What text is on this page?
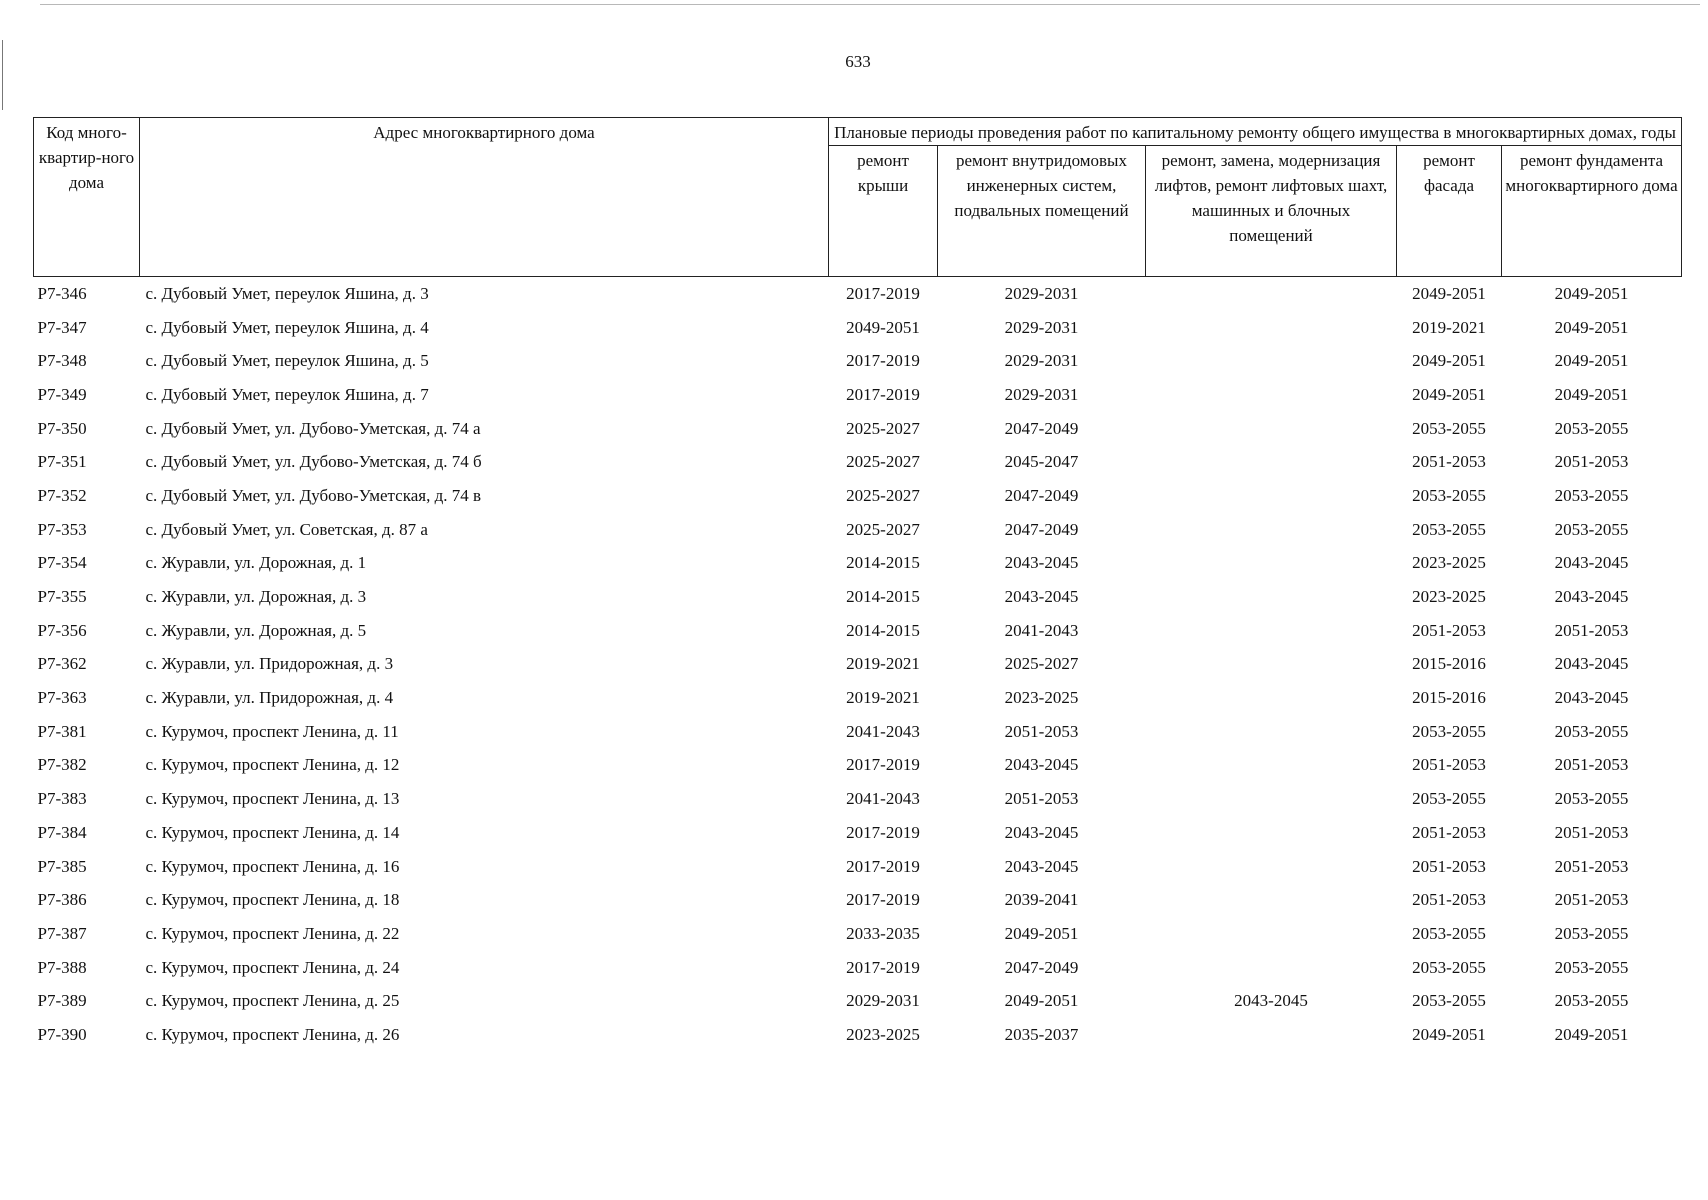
633
Код много-квартир-ного дома	Адрес многоквартирного дома	Плановые периоды проведения работ по капитальному ремонту общего имущества в многоквартирных домах, годы				
		ремонт крыши	ремонт внутридомовых инженерных систем, подвальных помещений	ремонт, замена, модернизация лифтов, ремонт лифтовых шахт, машинных и блочных помещений	ремонт фасада	ремонт фундамента многоквартирного дома
Р7-346	с. Дубовый Умет, переулок Яшина, д. 3	2017-2019	2029-2031		2049-2051	2049-2051
Р7-347	с. Дубовый Умет, переулок Яшина, д. 4	2049-2051	2029-2031		2019-2021	2049-2051
Р7-348	с. Дубовый Умет, переулок Яшина, д. 5	2017-2019	2029-2031		2049-2051	2049-2051
Р7-349	с. Дубовый Умет, переулок Яшина, д. 7	2017-2019	2029-2031		2049-2051	2049-2051
Р7-350	с. Дубовый Умет, ул. Дубово-Уметская, д. 74 а	2025-2027	2047-2049		2053-2055	2053-2055
Р7-351	с. Дубовый Умет, ул. Дубово-Уметская, д. 74 б	2025-2027	2045-2047		2051-2053	2051-2053
Р7-352	с. Дубовый Умет, ул. Дубово-Уметская, д. 74 в	2025-2027	2047-2049		2053-2055	2053-2055
Р7-353	с. Дубовый Умет, ул. Советская, д. 87 а	2025-2027	2047-2049		2053-2055	2053-2055
Р7-354	с. Журавли, ул. Дорожная, д. 1	2014-2015	2043-2045		2023-2025	2043-2045
Р7-355	с. Журавли, ул. Дорожная, д. 3	2014-2015	2043-2045		2023-2025	2043-2045
Р7-356	с. Журавли, ул. Дорожная, д. 5	2014-2015	2041-2043		2051-2053	2051-2053
Р7-362	с. Журавли, ул. Придорожная, д. 3	2019-2021	2025-2027		2015-2016	2043-2045
Р7-363	с. Журавли, ул. Придорожная, д. 4	2019-2021	2023-2025		2015-2016	2043-2045
Р7-381	с. Курумоч, проспект Ленина, д. 11	2041-2043	2051-2053		2053-2055	2053-2055
Р7-382	с. Курумоч, проспект Ленина, д. 12	2017-2019	2043-2045		2051-2053	2051-2053
Р7-383	с. Курумоч, проспект Ленина, д. 13	2041-2043	2051-2053		2053-2055	2053-2055
Р7-384	с. Курумоч, проспект Ленина, д. 14	2017-2019	2043-2045		2051-2053	2051-2053
Р7-385	с. Курумоч, проспект Ленина, д. 16	2017-2019	2043-2045		2051-2053	2051-2053
Р7-386	с. Курумоч, проспект Ленина, д. 18	2017-2019	2039-2041		2051-2053	2051-2053
Р7-387	с. Курумоч, проспект Ленина, д. 22	2033-2035	2049-2051		2053-2055	2053-2055
Р7-388	с. Курумоч, проспект Ленина, д. 24	2017-2019	2047-2049		2053-2055	2053-2055
Р7-389	с. Курумоч, проспект Ленина, д. 25	2029-2031	2049-2051	2043-2045	2053-2055	2053-2055
Р7-390	с. Курумоч, проспект Ленина, д. 26	2023-2025	2035-2037		2049-2051	2049-2051
